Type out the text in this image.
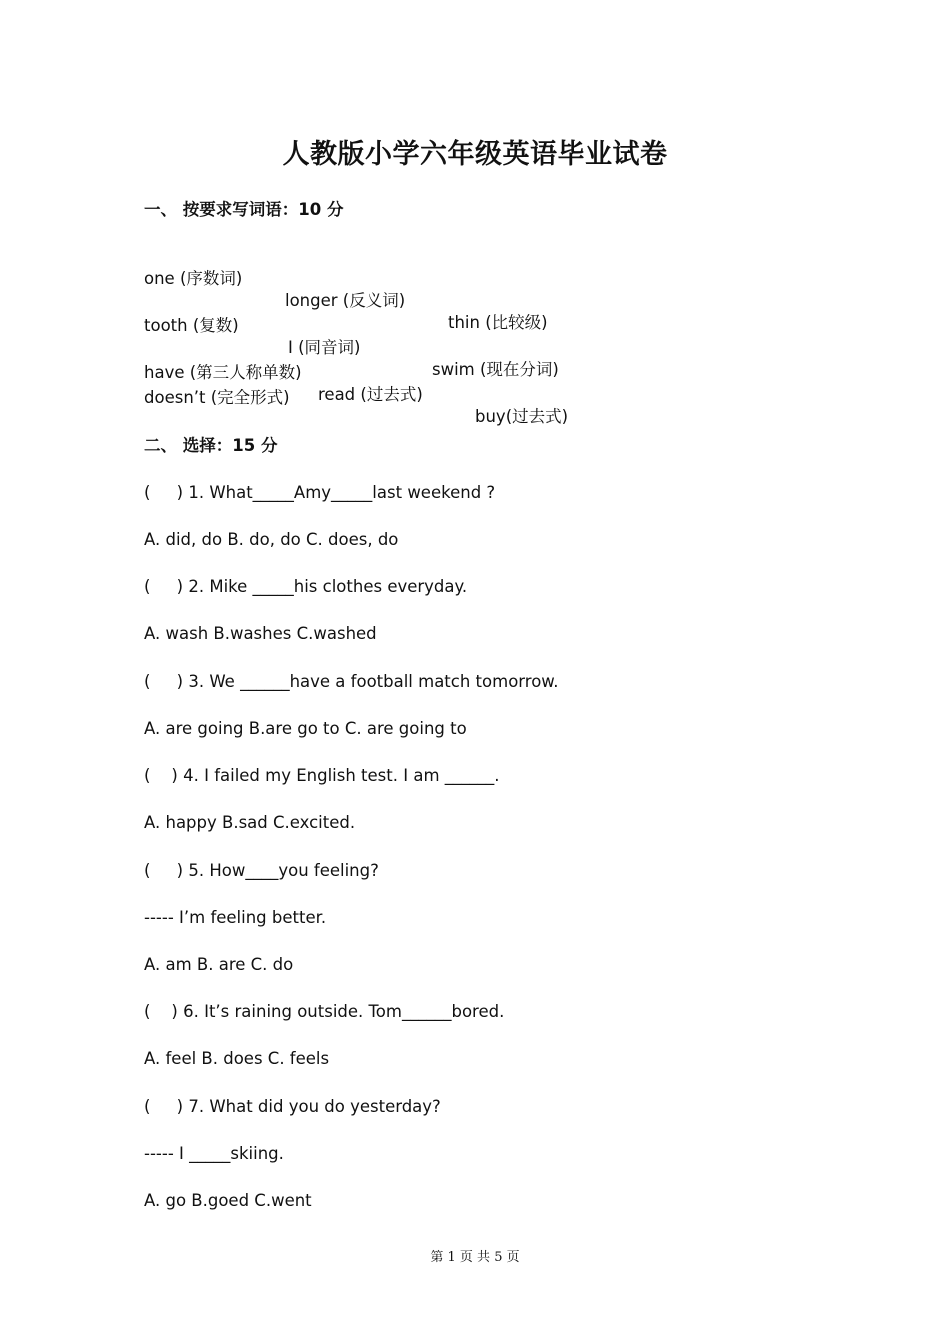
人教版小学六年级英语毕业试卷
一、 按要求写词语：10 分

one (序数词)

longer (反义词)

thin (比较级)

tooth (复数)

I (同音词)

swim (现在分词)

have (第三人称单数)

read (过去式)

buy(过去式)

doesn’t (完全形式)
二、 选择：15 分
(     ) 1. What_____Amy_____last weekend ?
A. did, do B. do, do C. does, do
(     ) 2. Mike _____his clothes everyday.
A. wash B.washes C.washed
(     ) 3. We ______have a football match tomorrow.
A. are going B.are go to C. are going to
(    ) 4. I failed my English test. I am ______.
A. happy B.sad C.excited.
(     ) 5. How____you feeling?
----- I’m feeling better.
A. am B. are C. do
(    ) 6. It’s raining outside. Tom______bored.
A. feel B. does C. feels
(     ) 7. What did you do yesterday?
----- I _____skiing.
A. go B.goed C.went
第 1 页 共 5 页
